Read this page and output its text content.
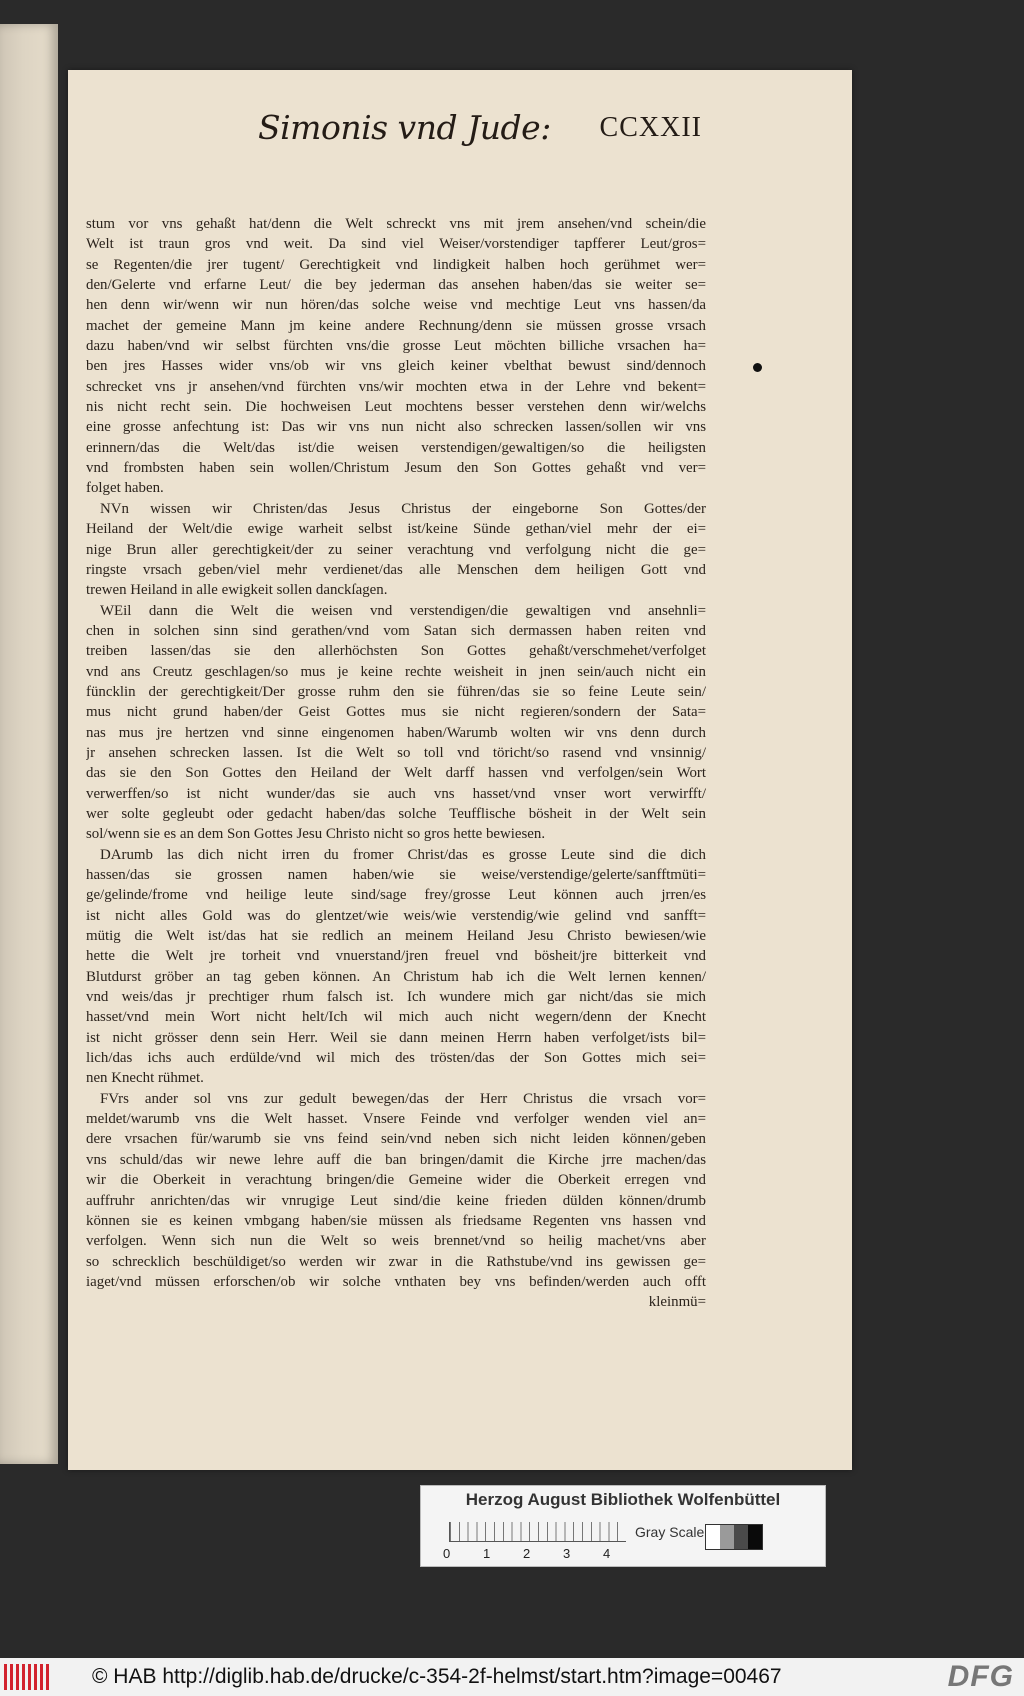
Simonis vnd Jude: CCXXII
stum vor vns gehaßt hat/denn die Welt schreckt vns mit jrem ansehen/vnd schein/die
Welt ist traun gros vnd weit. Da sind viel Weiser/vorstendiger tapfferer Leut/gros=
se Regenten/die jrer tugent/ Gerechtigkeit vnd lindigkeit halben hoch gerühmet wer=
den/Gelerte vnd erfarne Leut/ die bey jederman das ansehen haben/das sie weiter se=
hen denn wir/wenn wir nun hören/das solche weise vnd mechtige Leut vns hassen/da
machet der gemeine Mann jm keine andere Rechnung/denn sie müssen grosse vrsach
dazu haben/vnd wir selbst fürchten vns/die grosse Leut möchten billiche vrsachen ha=
ben jres Hasses wider vns/ob wir vns gleich keiner vbelthat bewust sind/dennoch
schrecket vns jr ansehen/vnd fürchten vns/wir mochten etwa in der Lehre vnd bekent=
nis nicht recht sein. Die hochweisen Leut mochtens besser verstehen denn wir/welchs
eine grosse anfechtung ist: Das wir vns nun nicht also schrecken lassen/sollen wir vns
erinnern/das die Welt/das ist/die weisen verstendigen/gewaltigen/so die heiligsten
vnd frombsten haben sein wollen/Christum Jesum den Son Gottes gehaßt vnd ver=
folget haben.
NVn wissen wir Christen/das Jesus Christus der eingeborne Son Gottes/der
Heiland der Welt/die ewige warheit selbst ist/keine Sünde gethan/viel mehr der ei=
nige Brun aller gerechtigkeit/der zu seiner verachtung vnd verfolgung nicht die ge=
ringste vrsach geben/viel mehr verdienet/das alle Menschen dem heiligen Gott vnd
trewen Heiland in alle ewigkeit sollen danckſagen.
WEil dann die Welt die weisen vnd verstendigen/die gewaltigen vnd ansehnli=
chen in solchen sinn sind gerathen/vnd vom Satan sich dermassen haben reiten vnd
treiben lassen/das sie den allerhöchsten Son Gottes gehaßt/verschmehet/verfolget
vnd ans Creutz geschlagen/so mus je keine rechte weisheit in jnen sein/auch nicht ein
füncklin der gerechtigkeit/Der grosse ruhm den sie führen/das sie so feine Leute sein/
mus nicht grund haben/der Geist Gottes mus sie nicht regieren/sondern der Sata=
nas mus jre hertzen vnd sinne eingenomen haben/Warumb wolten wir vns denn durch
jr ansehen schrecken lassen. Ist die Welt so toll vnd töricht/so rasend vnd vnsinnig/
das sie den Son Gottes den Heiland der Welt darff hassen vnd verfolgen/sein Wort
verwerffen/so ist nicht wunder/das sie auch vns hasset/vnd vnser wort verwirfft/
wer solte gegleubt oder gedacht haben/das solche Teufflische bösheit in der Welt sein
sol/wenn sie es an dem Son Gottes Jesu Christo nicht so gros hette bewiesen.
DArumb las dich nicht irren du fromer Christ/das es grosse Leute sind die dich
hassen/das sie grossen namen haben/wie sie weise/verstendige/gelerte/sanfftmüti=
ge/gelinde/frome vnd heilige leute sind/sage frey/grosse Leut können auch jrren/es
ist nicht alles Gold was do glentzet/wie weis/wie verstendig/wie gelind vnd sanfft=
mütig die Welt ist/das hat sie redlich an meinem Heiland Jesu Christo bewiesen/wie
hette die Welt jre torheit vnd vnuerstand/jren freuel vnd bösheit/jre bitterkeit vnd
Blutdurst gröber an tag geben können. An Christum hab ich die Welt lernen kennen/
vnd weis/das jr prechtiger rhum falsch ist. Ich wundere mich gar nicht/das sie mich
hasset/vnd mein Wort nicht helt/Ich wil mich auch nicht wegern/denn der Knecht
ist nicht grösser denn sein Herr. Weil sie dann meinen Herrn haben verfolget/ists bil=
lich/das ichs auch erdülde/vnd wil mich des trösten/das der Son Gottes mich sei=
nen Knecht rühmet.
FVrs ander sol vns zur gedult bewegen/das der Herr Christus die vrsach vor=
meldet/warumb vns die Welt hasset. Vnsere Feinde vnd verfolger wenden viel an=
dere vrsachen für/warumb sie vns feind sein/vnd neben sich nicht leiden können/geben
vns schuld/das wir newe lehre auff die ban bringen/damit die Kirche jrre machen/das
wir die Oberkeit in verachtung bringen/die Gemeine wider die Oberkeit erregen vnd
auffruhr anrichten/das wir vnrugige Leut sind/die keine frieden dülden können/drumb
können sie es keinen vmbgang haben/sie müssen als friedsame Regenten vns hassen vnd
verfolgen. Wenn sich nun die Welt so weis brennet/vnd so heilig machet/vns aber
so schrecklich beschüldiget/so werden wir zwar in die Rathstube/vnd ins gewissen ge=
iaget/vnd müssen erforschen/ob wir solche vnthaten bey vns befinden/werden auch offt
kleinmü=
Herzog August Bibliothek Wolfenbüttel
0	1	2	3	4
Gray Scale
© HAB http://diglib.hab.de/drucke/c-354-2f-helmst/start.htm?image=00467	DFG
